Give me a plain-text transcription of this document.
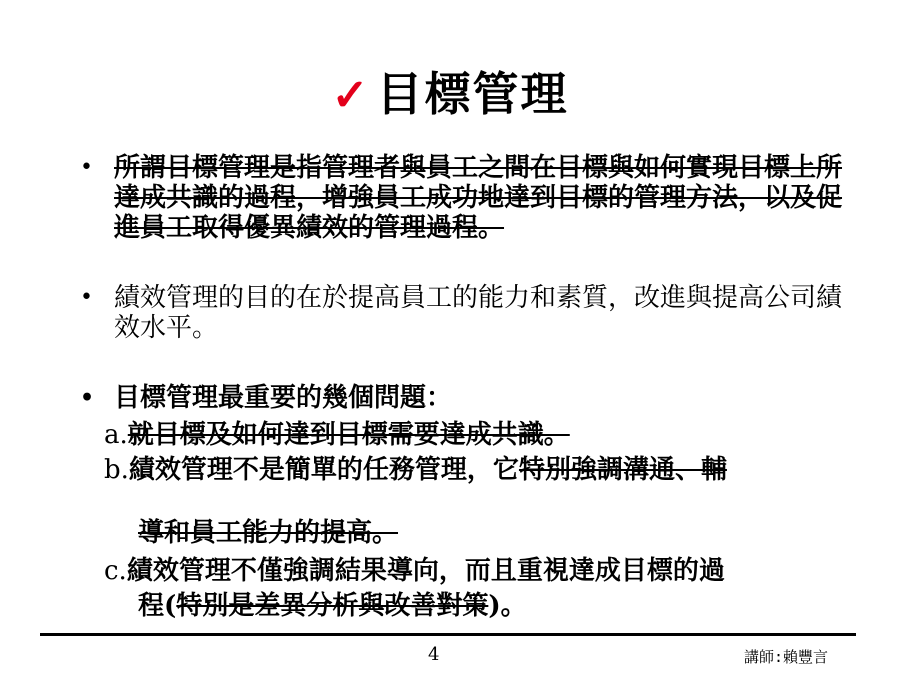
✓ 目標管理
• 所謂目標管理是指管理者與員工之間在目標與如何實現目標上所達成共識的過程，增強員工成功地達到目標的管理方法，以及促進員工取得優異績效的管理過程。
• 績效管理的目的在於提高員工的能力和素質，改進與提高公司績效水平。
• 目標管理最重要的幾個問題：
a.就目標及如何達到目標需要達成共識。
b.績效管理不是簡單的任務管理，它特別強調溝通、輔
導和員工能力的提高。
c.績效管理不僅強調結果導向，而且重視達成目標的過
程(特別是差異分析與改善對策)。
4	講師:賴豐言
